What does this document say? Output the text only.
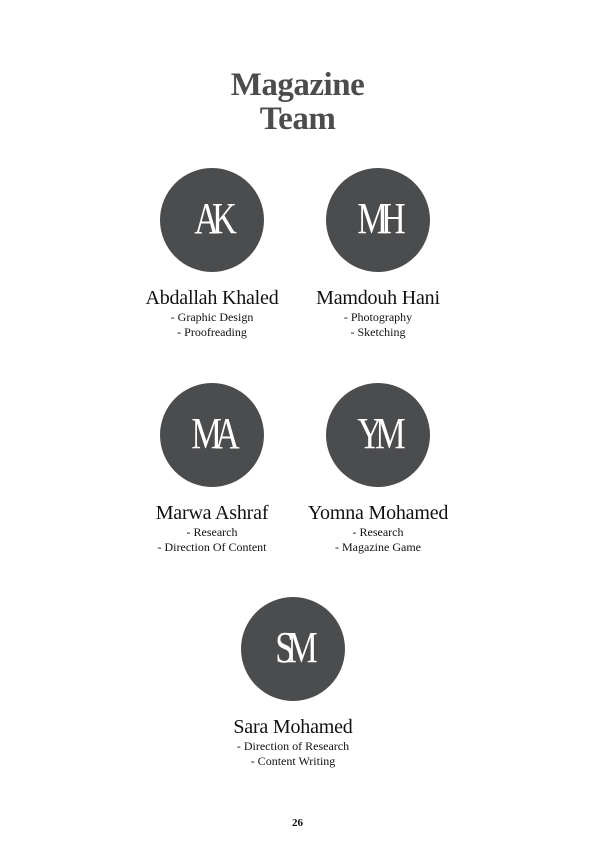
Magazine
Team
AK
Abdallah Khaled
- Graphic Design
- Proofreading
MH
Mamdouh Hani
- Photography
- Sketching
MA
Marwa Ashraf
- Research
- Direction Of Content
YM
Yomna Mohamed
- Research
- Magazine Game
SM
Sara Mohamed
- Direction of Research
- Content Writing
26
